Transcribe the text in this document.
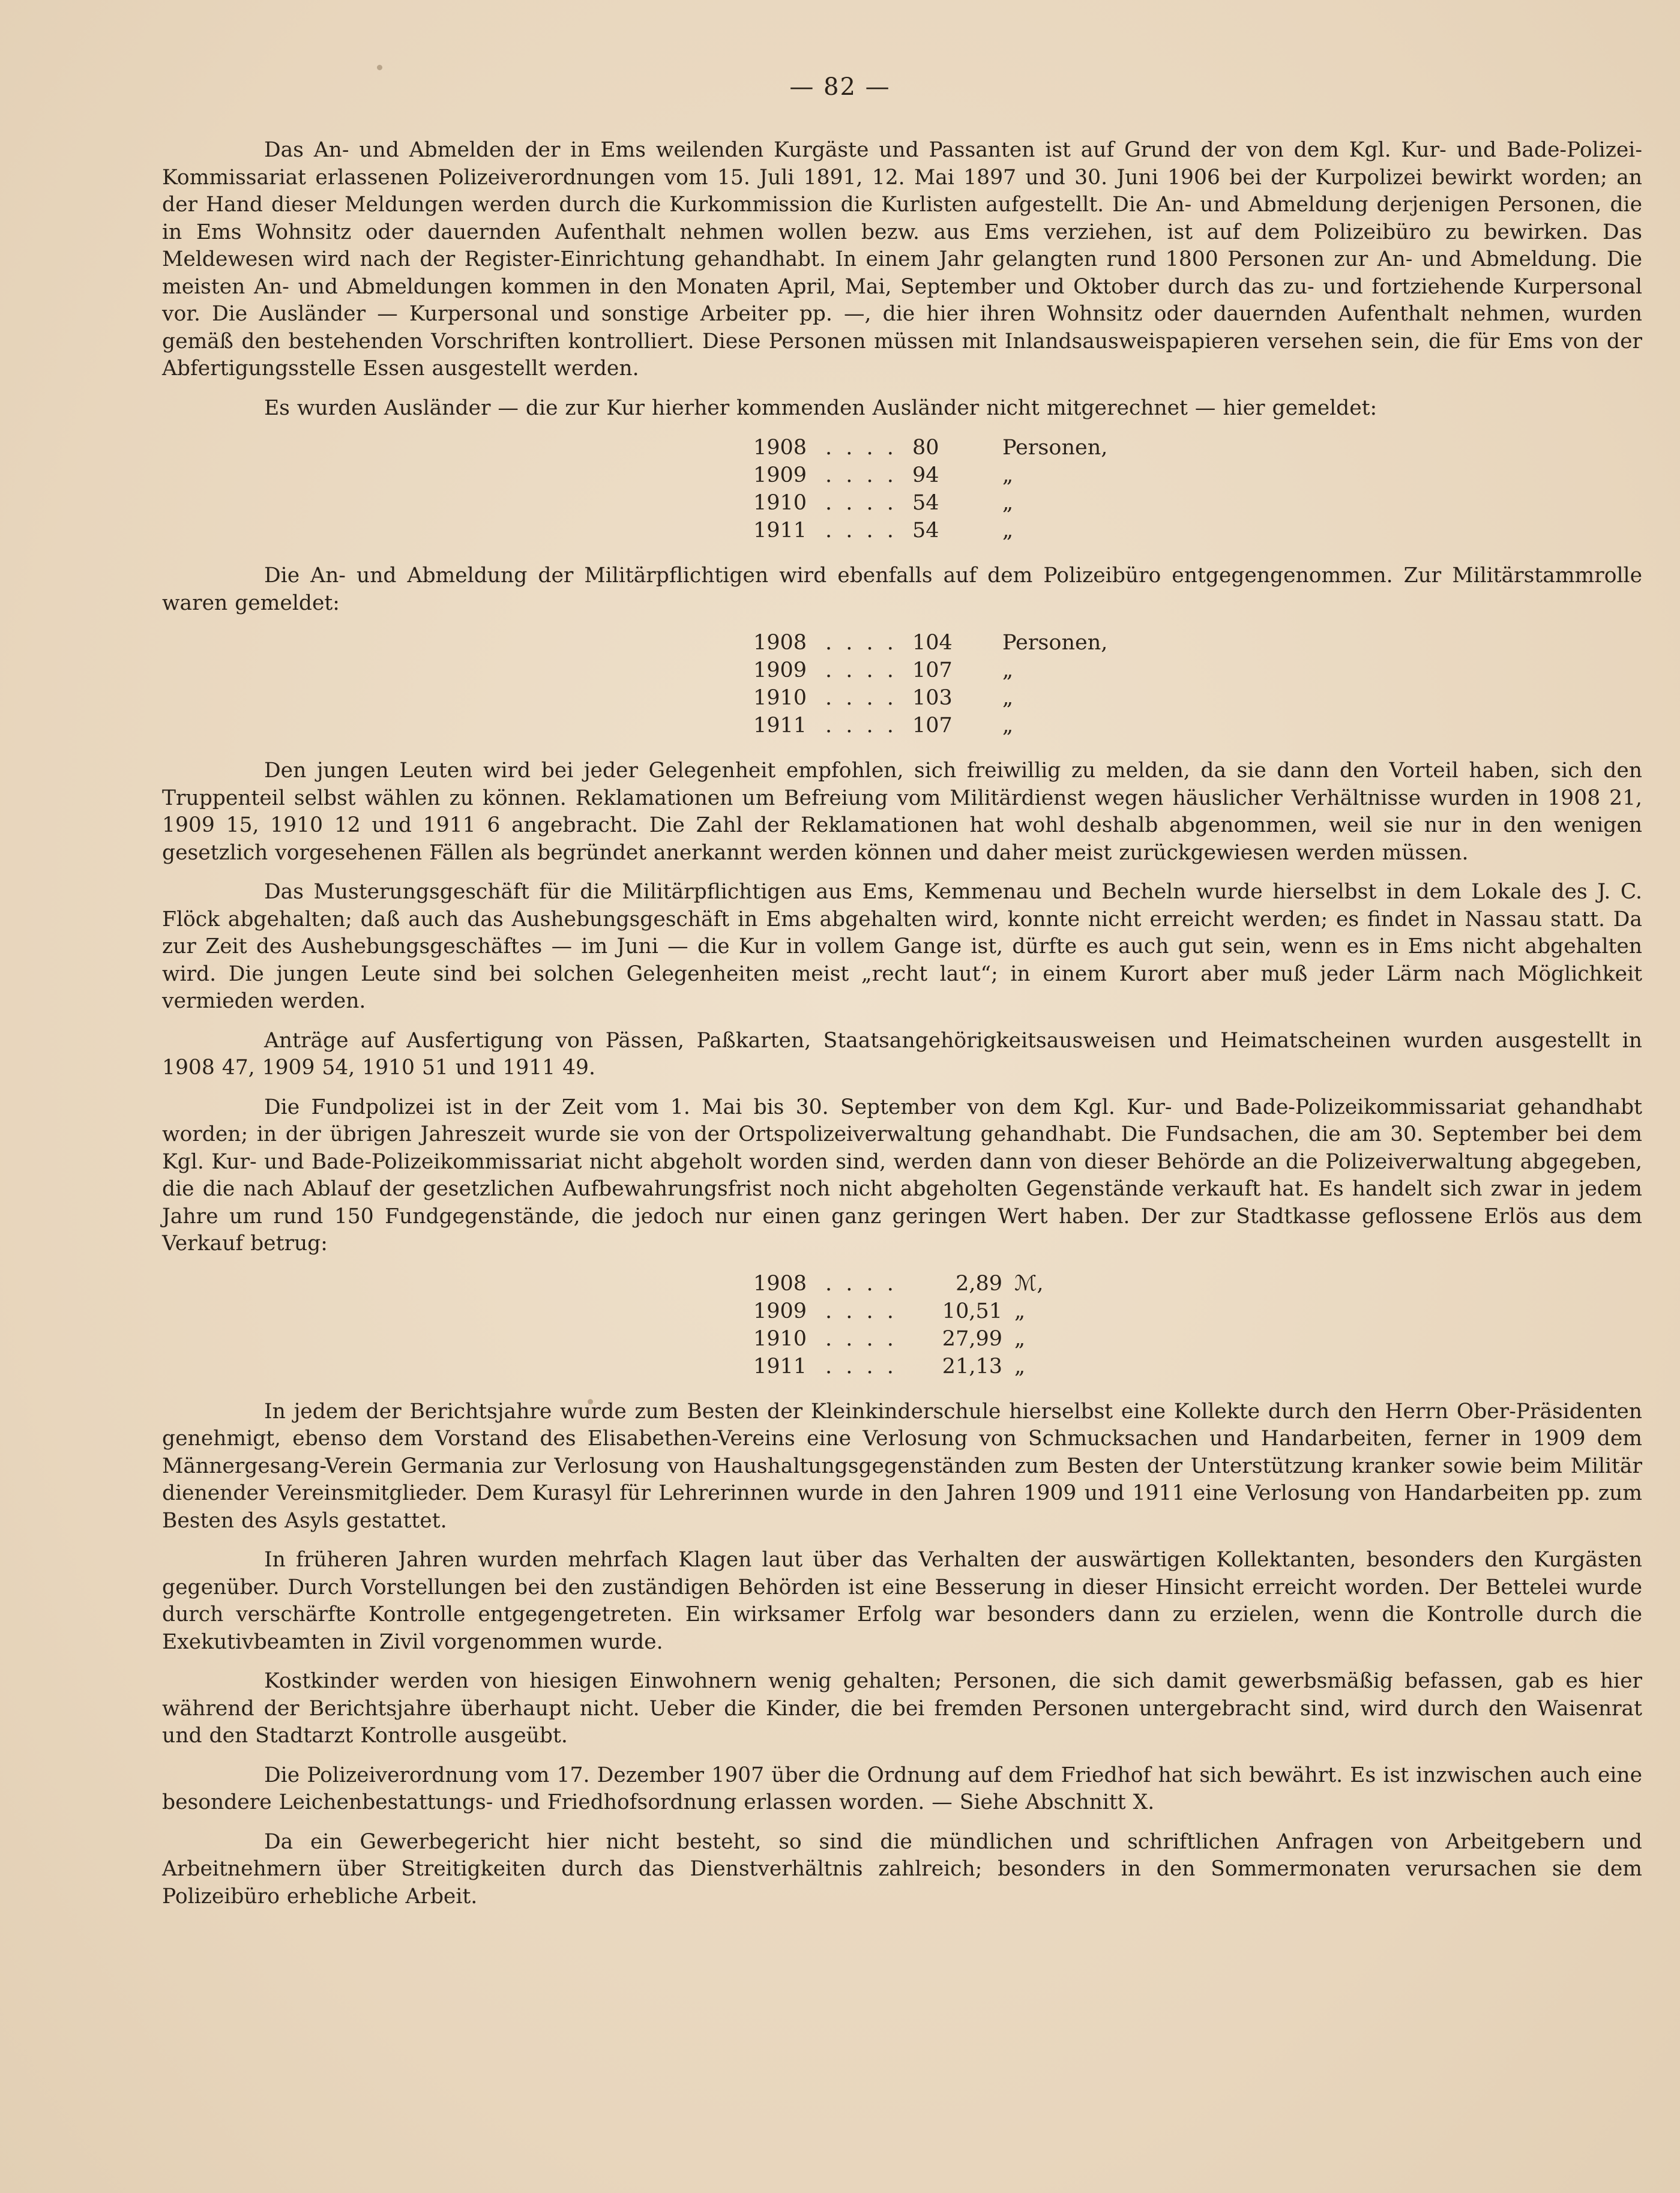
— 82 —

Das An- und Abmelden der in Ems weilenden Kurgäste und Passanten ist auf Grund der von dem Kgl. Kur- und Bade-Polizei-Kommissariat erlassenen Polizeiverordnungen vom 15. Juli 1891, 12. Mai 1897 und 30. Juni 1906 bei der Kurpolizei bewirkt worden; an der Hand dieser Meldungen werden durch die Kurkommission die Kurlisten aufgestellt. Die An- und Abmeldung derjenigen Personen, die in Ems Wohnsitz oder dauernden Aufenthalt nehmen wollen bezw. aus Ems verziehen, ist auf dem Polizeibüro zu bewirken. Das Meldewesen wird nach der Register-Einrichtung gehandhabt. In einem Jahr gelangten rund 1800 Personen zur An- und Abmeldung. Die meisten An- und Abmeldungen kommen in den Monaten April, Mai, September und Oktober durch das zu- und fortziehende Kurpersonal vor. Die Ausländer — Kurpersonal und sonstige Arbeiter pp. —, die hier ihren Wohnsitz oder dauernden Aufenthalt nehmen, wurden gemäß den bestehenden Vorschriften kontrolliert. Diese Personen müssen mit Inlandsausweispapieren versehen sein, die für Ems von der Abfertigungsstelle Essen ausgestellt werden.

Es wurden Ausländer — die zur Kur hierher kommenden Ausländer nicht mitgerechnet — hier gemeldet:

1908 . . . . 80	Personen,
1909 . . . . 94	„
1910 . . . . 54	„
1911 . . . . 54	„

Die An- und Abmeldung der Militärpflichtigen wird ebenfalls auf dem Polizeibüro entgegengenommen. Zur Militärstammrolle waren gemeldet:

1908 . . . . 104	Personen,
1909 . . . . 107	„
1910 . . . . 103	„
1911 . . . . 107	„

Den jungen Leuten wird bei jeder Gelegenheit empfohlen, sich freiwillig zu melden, da sie dann den Vorteil haben, sich den Truppenteil selbst wählen zu können. Reklamationen um Befreiung vom Militärdienst wegen häuslicher Verhältnisse wurden in 1908 21, 1909 15, 1910 12 und 1911 6 angebracht. Die Zahl der Reklamationen hat wohl deshalb abgenommen, weil sie nur in den wenigen gesetzlich vorgesehenen Fällen als begründet anerkannt werden können und daher meist zurückgewiesen werden müssen.

Das Musterungsgeschäft für die Militärpflichtigen aus Ems, Kemmenau und Becheln wurde hierselbst in dem Lokale des J. C. Flöck abgehalten; daß auch das Aushebungsgeschäft in Ems abgehalten wird, konnte nicht erreicht werden; es findet in Nassau statt. Da zur Zeit des Aushebungsgeschäftes — im Juni — die Kur in vollem Gange ist, dürfte es auch gut sein, wenn es in Ems nicht abgehalten wird. Die jungen Leute sind bei solchen Gelegenheiten meist „recht laut“; in einem Kurort aber muß jeder Lärm nach Möglichkeit vermieden werden.

Anträge auf Ausfertigung von Pässen, Paßkarten, Staatsangehörigkeitsausweisen und Heimatscheinen wurden ausgestellt in 1908 47, 1909 54, 1910 51 und 1911 49.

Die Fundpolizei ist in der Zeit vom 1. Mai bis 30. September von dem Kgl. Kur- und Bade-Polizeikommissariat gehandhabt worden; in der übrigen Jahreszeit wurde sie von der Ortspolizeiverwaltung gehandhabt. Die Fundsachen, die am 30. September bei dem Kgl. Kur- und Bade-Polizeikommissariat nicht abgeholt worden sind, werden dann von dieser Behörde an die Polizeiverwaltung abgegeben, die die nach Ablauf der gesetzlichen Aufbewahrungsfrist noch nicht abgeholten Gegenstände verkauft hat. Es handelt sich zwar in jedem Jahre um rund 150 Fundgegenstände, die jedoch nur einen ganz geringen Wert haben. Der zur Stadtkasse geflossene Erlös aus dem Verkauf betrug:

1908 . . . .	2,89 ℳ,
1909 . . . .	10,51 „
1910 . . . .	27,99 „
1911 . . . .	21,13 „

In jedem der Berichtsjahre wurde zum Besten der Kleinkinderschule hierselbst eine Kollekte durch den Herrn Ober-Präsidenten genehmigt, ebenso dem Vorstand des Elisabethen-Vereins eine Verlosung von Schmucksachen und Handarbeiten, ferner in 1909 dem Männergesang-Verein Germania zur Verlosung von Haushaltungsgegenständen zum Besten der Unterstützung kranker sowie beim Militär dienender Vereinsmitglieder. Dem Kurasyl für Lehrerinnen wurde in den Jahren 1909 und 1911 eine Verlosung von Handarbeiten pp. zum Besten des Asyls gestattet.

In früheren Jahren wurden mehrfach Klagen laut über das Verhalten der auswärtigen Kollektanten, besonders den Kurgästen gegenüber. Durch Vorstellungen bei den zuständigen Behörden ist eine Besserung in dieser Hinsicht erreicht worden. Der Bettelei wurde durch verschärfte Kontrolle entgegengetreten. Ein wirksamer Erfolg war besonders dann zu erzielen, wenn die Kontrolle durch die Exekutivbeamten in Zivil vorgenommen wurde.

Kostkinder werden von hiesigen Einwohnern wenig gehalten; Personen, die sich damit gewerbsmäßig befassen, gab es hier während der Berichtsjahre überhaupt nicht. Ueber die Kinder, die bei fremden Personen untergebracht sind, wird durch den Waisenrat und den Stadtarzt Kontrolle ausgeübt.

Die Polizeiverordnung vom 17. Dezember 1907 über die Ordnung auf dem Friedhof hat sich bewährt. Es ist inzwischen auch eine besondere Leichenbestattungs- und Friedhofsordnung erlassen worden. — Siehe Abschnitt X.

Da ein Gewerbegericht hier nicht besteht, so sind die mündlichen und schriftlichen Anfragen von Arbeitgebern und Arbeitnehmern über Streitigkeiten durch das Dienstverhältnis zahlreich; besonders in den Sommermonaten verursachen sie dem Polizeibüro erhebliche Arbeit.
